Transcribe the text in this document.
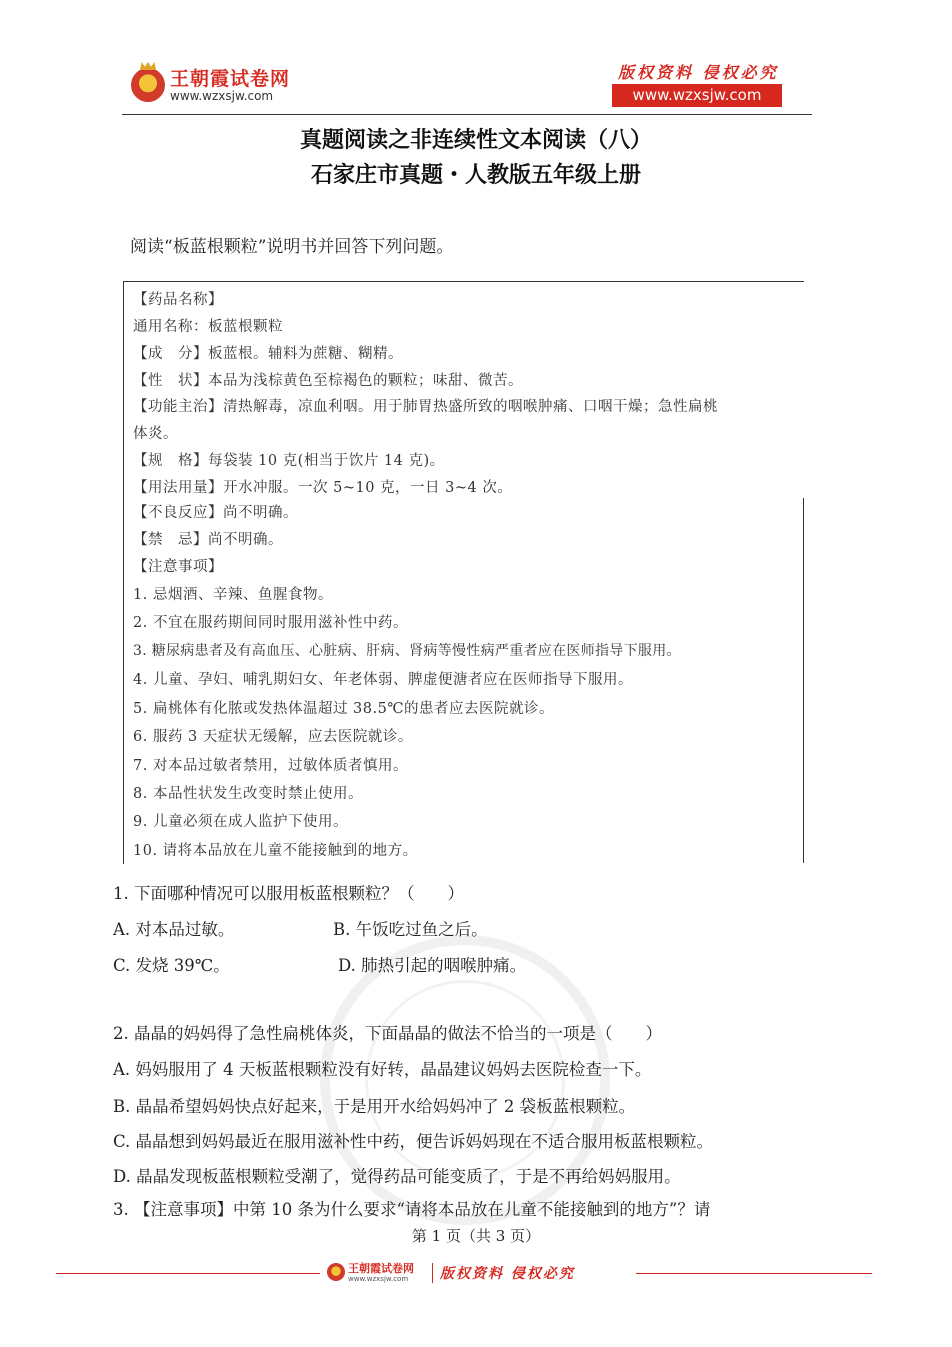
王朝霞试卷网
www.wzxsjw.com
版权资料 侵权必究
www.wzxsjw.com
真题阅读之非连续性文本阅读（八）
石家庄市真题・人教版五年级上册
阅读“板蓝根颗粒”说明书并回答下列问题。
【药品名称】
通用名称：板蓝根颗粒
【成　分】板蓝根。辅料为蔗糖、糊精。
【性　状】本品为浅棕黄色至棕褐色的颗粒；味甜、微苦。
【功能主治】清热解毒，凉血利咽。用于肺胃热盛所致的咽喉肿痛、口咽干燥；急性扁桃
体炎。
【规　格】每袋装 10 克(相当于饮片 14 克)。
【用法用量】开水冲服。一次 5~10 克，一日 3~4 次。
【不良反应】尚不明确。
【禁　忌】尚不明确。
【注意事项】
1. 忌烟酒、辛辣、鱼腥食物。
2. 不宜在服药期间同时服用滋补性中药。
3. 糖尿病患者及有高血压、心脏病、肝病、肾病等慢性病严重者应在医师指导下服用。
4. 儿童、孕妇、哺乳期妇女、年老体弱、脾虚便溏者应在医师指导下服用。
5. 扁桃体有化脓或发热体温超过 38.5℃的患者应去医院就诊。
6. 服药 3 天症状无缓解，应去医院就诊。
7. 对本品过敏者禁用，过敏体质者慎用。
8. 本品性状发生改变时禁止使用。
9. 儿童必须在成人监护下使用。
10. 请将本品放在儿童不能接触到的地方。
1. 下面哪种情况可以服用板蓝根颗粒？（　　）
A. 对本品过敏。	B. 午饭吃过鱼之后。
C. 发烧 39℃。	D. 肺热引起的咽喉肿痛。
2. 晶晶的妈妈得了急性扁桃体炎，下面晶晶的做法不恰当的一项是（　　）
A. 妈妈服用了 4 天板蓝根颗粒没有好转，晶晶建议妈妈去医院检查一下。
B. 晶晶希望妈妈快点好起来，于是用开水给妈妈冲了 2 袋板蓝根颗粒。
C. 晶晶想到妈妈最近在服用滋补性中药，便告诉妈妈现在不适合服用板蓝根颗粒。
D. 晶晶发现板蓝根颗粒受潮了，觉得药品可能变质了，于是不再给妈妈服用。
3. 【注意事项】中第 10 条为什么要求“请将本品放在儿童不能接触到的地方”？请
第 1 页（共 3 页）
王朝霞试卷网
www.wzxsjw.com 版权资料 侵权必究
